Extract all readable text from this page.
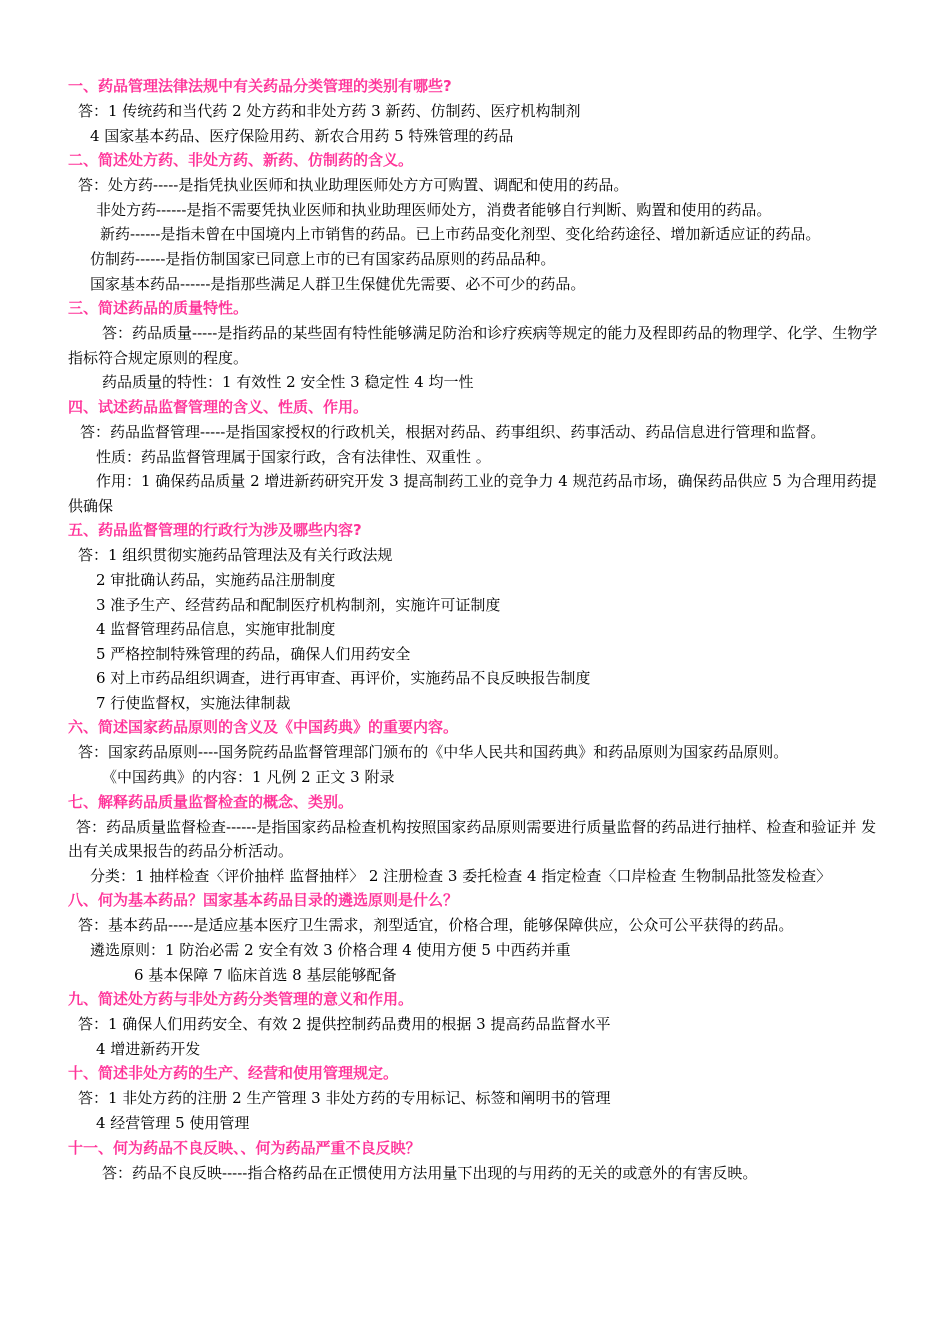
一、药品管理法律法规中有关药品分类管理的类别有哪些?
答：1 传统药和当代药 2 处方药和非处方药 3 新药、仿制药、医疗机构制剂
4 国家基本药品、医疗保险用药、新农合用药 5 特殊管理的药品
二、简述处方药、非处方药、新药、仿制药的含义。
答：处方药-----是指凭执业医师和执业助理医师处方方可购置、调配和使用的药品。
非处方药------是指不需要凭执业医师和执业助理医师处方，消费者能够自行判断、购置和使用的药品。
新药------是指未曾在中国境内上市销售的药品。已上市药品变化剂型、变化给药途径、增加新适应证的药品。
仿制药------是指仿制国家已同意上市的已有国家药品原则的药品品种。
国家基本药品------是指那些满足人群卫生保健优先需要、必不可少的药品。
三、简述药品的质量特性。
答：药品质量-----是指药品的某些固有特性能够满足防治和诊疗疾病等规定的能力及程即药品的物理学、化学、生物学指标符合规定原则的程度。
药品质量的特性：1 有效性 2 安全性 3 稳定性 4 均一性
四、试述药品监督管理的含义、性质、作用。
答：药品监督管理-----是指国家授权的行政机关，根据对药品、药事组织、药事活动、药品信息进行管理和监督。
性质：药品监督管理属于国家行政，含有法律性、双重性 。
作用：1 确保药品质量 2 增进新药研究开发 3 提高制药工业的竞争力 4 规范药品市场，确保药品供应 5 为合理用药提供确保
五、药品监督管理的行政行为涉及哪些内容?
答：1 组织贯彻实施药品管理法及有关行政法规
2 审批确认药品，实施药品注册制度
3 准予生产、经营药品和配制医疗机构制剂，实施许可证制度
4 监督管理药品信息，实施审批制度
5 严格控制特殊管理的药品，确保人们用药安全
6 对上市药品组织调查，进行再审查、再评价，实施药品不良反映报告制度
7 行使监督权，实施法律制裁
六、简述国家药品原则的含义及《中国药典》的重要内容。
答：国家药品原则----国务院药品监督管理部门颁布的《中华人民共和国药典》和药品原则为国家药品原则。
《中国药典》的内容：1 凡例 2 正文 3 附录
七、解释药品质量监督检查的概念、类别。
答：药品质量监督检查------是指国家药品检查机构按照国家药品原则需要进行质量监督的药品进行抽样、检查和验证并 发出有关成果报告的药品分析活动。
分类：1 抽样检查〈评价抽样 监督抽样〉 2 注册检查 3 委托检查 4 指定检查〈口岸检查 生物制品批签发检查〉
八、何为基本药品？国家基本药品目录的遴选原则是什么？
答：基本药品-----是适应基本医疗卫生需求，剂型适宜，价格合理，能够保障供应，公众可公平获得的药品。
遴选原则：1 防治必需 2 安全有效 3 价格合理 4 使用方便 5 中西药并重
6 基本保障 7 临床首选 8 基层能够配备
九、简述处方药与非处方药分类管理的意义和作用。
答：1 确保人们用药安全、有效 2 提供控制药品费用的根据 3 提高药品监督水平
4 增进新药开发
十、简述非处方药的生产、经营和使用管理规定。
答：1 非处方药的注册 2 生产管理 3 非处方药的专用标记、标签和阐明书的管理
4 经营管理 5 使用管理
十一、何为药品不良反映、、何为药品严重不良反映？
答：药品不良反映-----指合格药品在正惯使用方法用量下出现的与用药的无关的或意外的有害反映。
